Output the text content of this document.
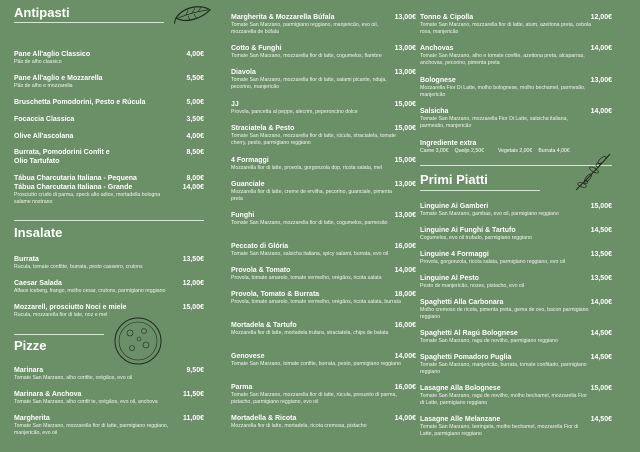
Antipasti
Pane All'aglio Classico	4,00€
Pão de alho classico
Pane All'aglio e Mozzarella	5,50€
Pão de alho e mozzarella
Bruschetta Pomodorini, Pesto e Rúcula	5,00€
Focaccia Classica	3,50€
Olive All'ascolana	4,00€
Burrata, Pomodorini Confit e	8,50€
Olio Tartufato
Tábua Charcutaria Italiana - Pequena	8,00€
Tábua Charcutaria Italiana - Grande	14,00€
Prosciutto crudo di parma, speck alto adice, mortadella bologna salame nostrano
Insalate
Burrata	13,50€
Rucula, tomate confitte, burrata, pesto casseiro, crutons
Caesar Salada	12,00€
Alface iceberg, frango, molho cesar, crutons, parmigiano reggiano
Mozzarell, prosciutto Noci e miele	15,00€
Rucula, mozzarella fior di late, noz e mel
Pizze
Marinara	9,50€
Tomate San Marzano, alho confite, orégãos, evo oil
Marinara & Anchova	11,50€
Tomate San Marzano, alho confit te, orégãos, evo oil, anchova
Margherita	11,00€
Tomate San Marzano, mozzarella fior di latte, parmigiano reggiano, manjericão, evo oil
Margherita & Mozzarella Búfala	13,00€
Tomate San Marzano, parmigiano reggiano, manjericão, evo oil, mozzarella de búfala
Cotto & Funghi	13,00€
Tomate San Marzano, mozzarella fior di latte, cogumelos, fiambre
Diavola	13,00€
Tomate San Marzano, mozzarella fior di latte, salami picante, nduja, pecorino, manjericão
JJ	15,00€
Provola, pancetta al peppe, alecrim, peperoncino dolce
Straciatela & Pesto	15,00€
Tomate San Marzano, mozzarella fior di latte, rúcula, straciatela, tomate cherry, pesto, parmigiano reggiano
4 Formaggi	15,00€
Mozzarella fior di latte, provola, gorgonzola dop, ricota salata, mel
Guanciale	13,00€
Mozzarella fior di latte, creme de ervilha, pecorino, guanciale, pimenta preta
Funghi	13,00€
Tomate San Marzano, mozzarella fior di latte, cogumelos, parmesão
Peccato di Glória	16,00€
Tomate San Marzano, salsicha italiana, spicy salami, burrata, evo oil
Provola & Tomato	14,00€
Provola, tomate amarelo, tomate vermelho, orégãos, ricota salata
Provola, Tomato & Burrata	18,00€
Provola, tomate amarelo, tomate vermelho, orégãos, ricota salata, burrata
Mortadela & Tartufo	16,00€
Mozzarella fior di latte, mortadela trufara, straciatela, chips de batata
Genovese	14,00€
Tomate San Marzano, tomate confite, burrata, pesto, parmigiano reggiano
Parma	16,00€
Tomate San Marzano, mozzarella fior di latte, rúcula, presunto di parma, pistacho, parmigiano reggiano, evo oil
Mortadella & Ricota	14,00€
Mozzarella fior di latte, mortadela, ricota cremosa, pistacho
Tonno & Cipolla	12,00€
Tomate San Marzano, mozzarella fior di latte, atum, azeitona preta, cebola roxa, manjericão
Anchovas	14,00€
Tomate San Marzano, alho e tomate confite, azeitona preta, alcaparras, anchovas, pecorino, pimenta preta
Bolognese	13,00€
Mozzarella Fior Di Latte, molho bolognese, molho bechamel, parmesão, manjericão
Salsicha	14,00€
Tomate San Marzano, mozzarella Fior Di Latte, salsicha italiana, parmesão, manjericão
Ingrediente extra
Carne 3,00€ Queijo 2,50€	Vegetais 2,00€ Burrata 4,00€
Primi Piatti
Linguine Ai Gamberi	15,00€
Tomate San Marzano, gambas, evo oil, parmigiano reggiano
Linguine Ai Funghi & Tartufo	14,50€
Cogumelos, evo oil trufado, parmigiano reggiano
Linguine 4 Formaggi	13,50€
Provola, gorgonzola, ricota salata, parmigiano reggiano, evo oil
Linguine Al Pesto	13,50€
Pesto de manjericão, nozes, pistacho, evo oil
Spaghetti Alla Carbonara	14,00€
Molho cremoso de ricota, pimenta preta, gema de ovo, bacon parmigiano reggiano
Spaghetti Al Ragú Bolognese	14,50€
Tomate San Marzano, ragu de novilho, parmigiano reggiano
Spaghetti Pomadoro Puglia	14,50€
Tomate San Marzano, manjericão, burrata, tomate confitado, parmigiano reggiano
Lasagne Alla Bolognese	15,00€
Tomate San Marzano, ragu de novilho, molho bechamel, mozzarella Fior di Latte, parmigiano reggiano
Lasagne Alle Melanzane	14,50€
Tomate San Marzano, beringela, molho bechamel, mozzarella Fior di Latte, parmigiano reggiano
